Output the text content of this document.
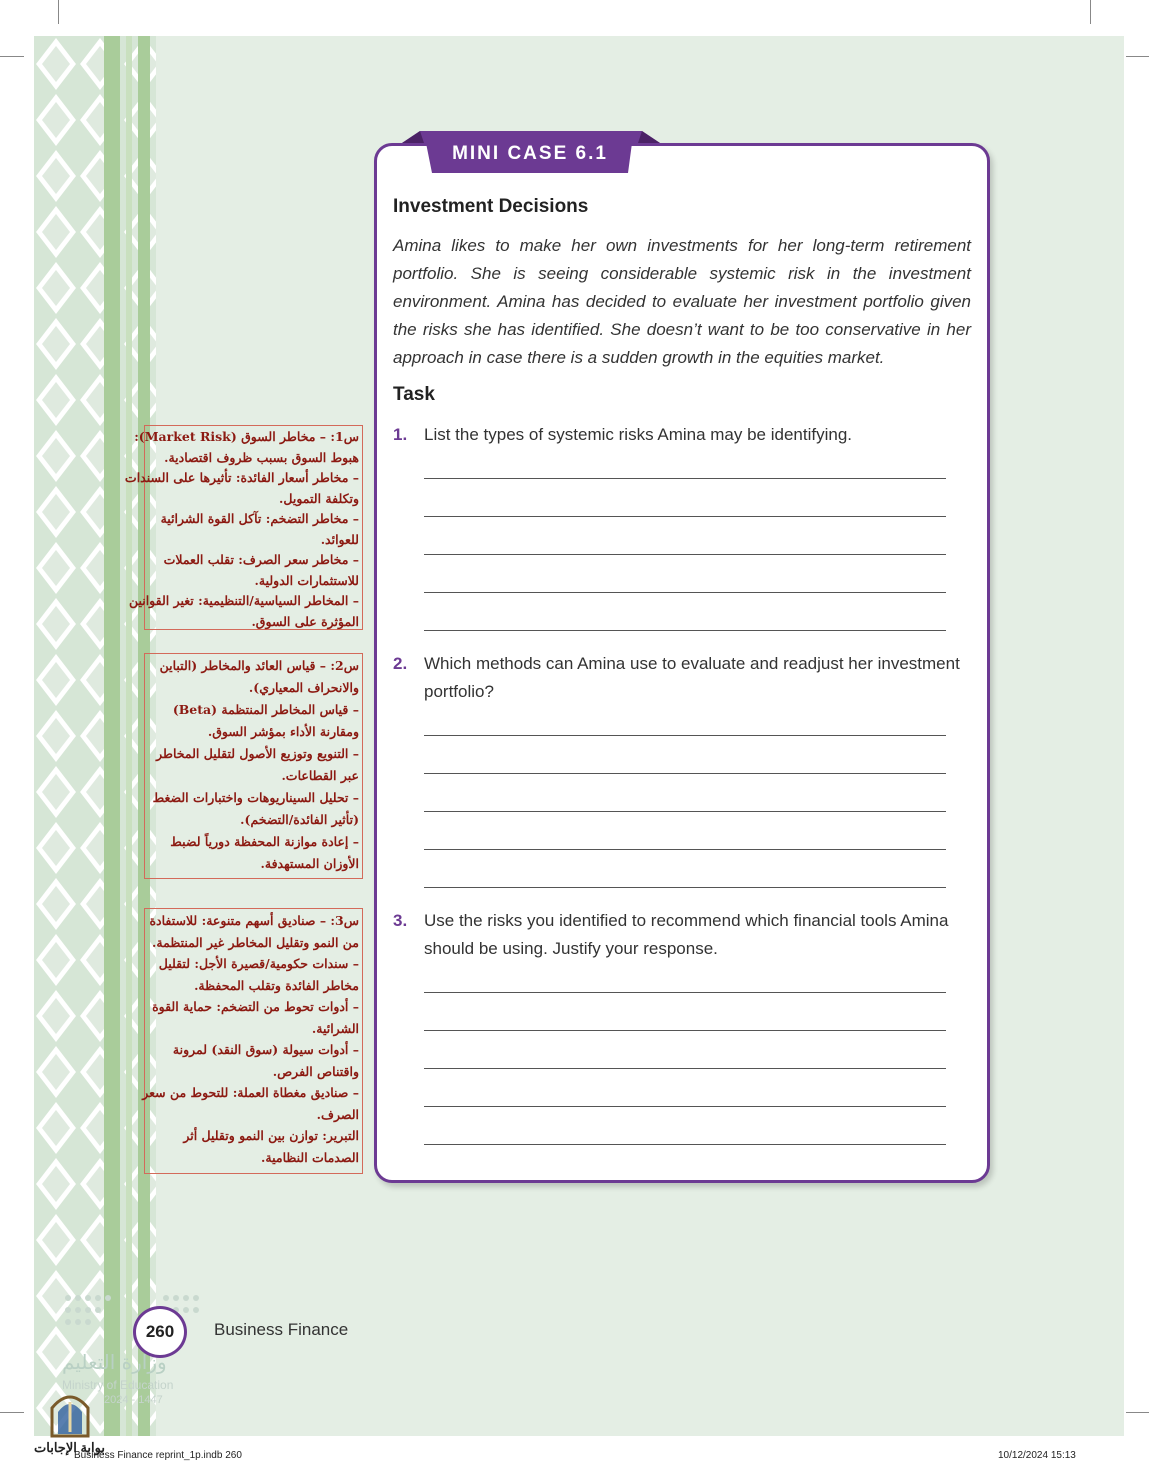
MINI CASE 6.1
Investment Decisions

Amina likes to make her own investments for her long-term retirement portfolio. She is seeing considerable systemic risk in the investment environment. Amina has decided to evaluate her investment portfolio given the risks she has identified. She doesn’t want to be too conservative in her approach in case there is a sudden growth in the equities market.

Task
1. List the types of systemic risks Amina may be identifying.

2. Which methods can Amina use to evaluate and readjust her investment portfolio?

3. Use the risks you identified to recommend which financial tools Amina should be using. Justify your response.

س1: – مخاطر السوق (Market Risk):
هبوط السوق بسبب ظروف اقتصادية.
– مخاطر أسعار الفائدة: تأثيرها على السندات
وتكلفة التمويل.
– مخاطر التضخم: تآكل القوة الشرائية
للعوائد.
– مخاطر سعر الصرف: تقلب العملات
للاستثمارات الدولية.
– المخاطر السياسية/التنظيمية: تغير القوانين
المؤثرة على السوق.
س2: – قياس العائد والمخاطر (التباين
والانحراف المعياري).
– قياس المخاطر المنتظمة (Beta)
ومقارنة الأداء بمؤشر السوق.
– التنويع وتوزيع الأصول لتقليل المخاطر
عبر القطاعات.
– تحليل السيناريوهات واختبارات الضغط
(تأثير الفائدة/التضخم).
– إعادة موازنة المحفظة دورياً لضبط
الأوزان المستهدفة.
س3: – صناديق أسهم متنوعة: للاستفادة
من النمو وتقليل المخاطر غير المنتظمة.
– سندات حكومية/قصيرة الأجل: لتقليل
مخاطر الفائدة وتقلب المحفظة.
– أدوات تحوط من التضخم: حماية القوة
الشرائية.
– أدوات سيولة (سوق النقد) لمرونة
واقتناص الفرص.
– صناديق مغطاة العملة: للتحوط من سعر
الصرف.
التبرير: توازن بين النمو وتقليل أثر
الصدمات النظامية.
260	Business Finance
وزارة التعليم
Ministry of Education
2024 - 1447
بوابة الإجابات
Business Finance reprint_1p.indb 260	10/12/2024 15:13
